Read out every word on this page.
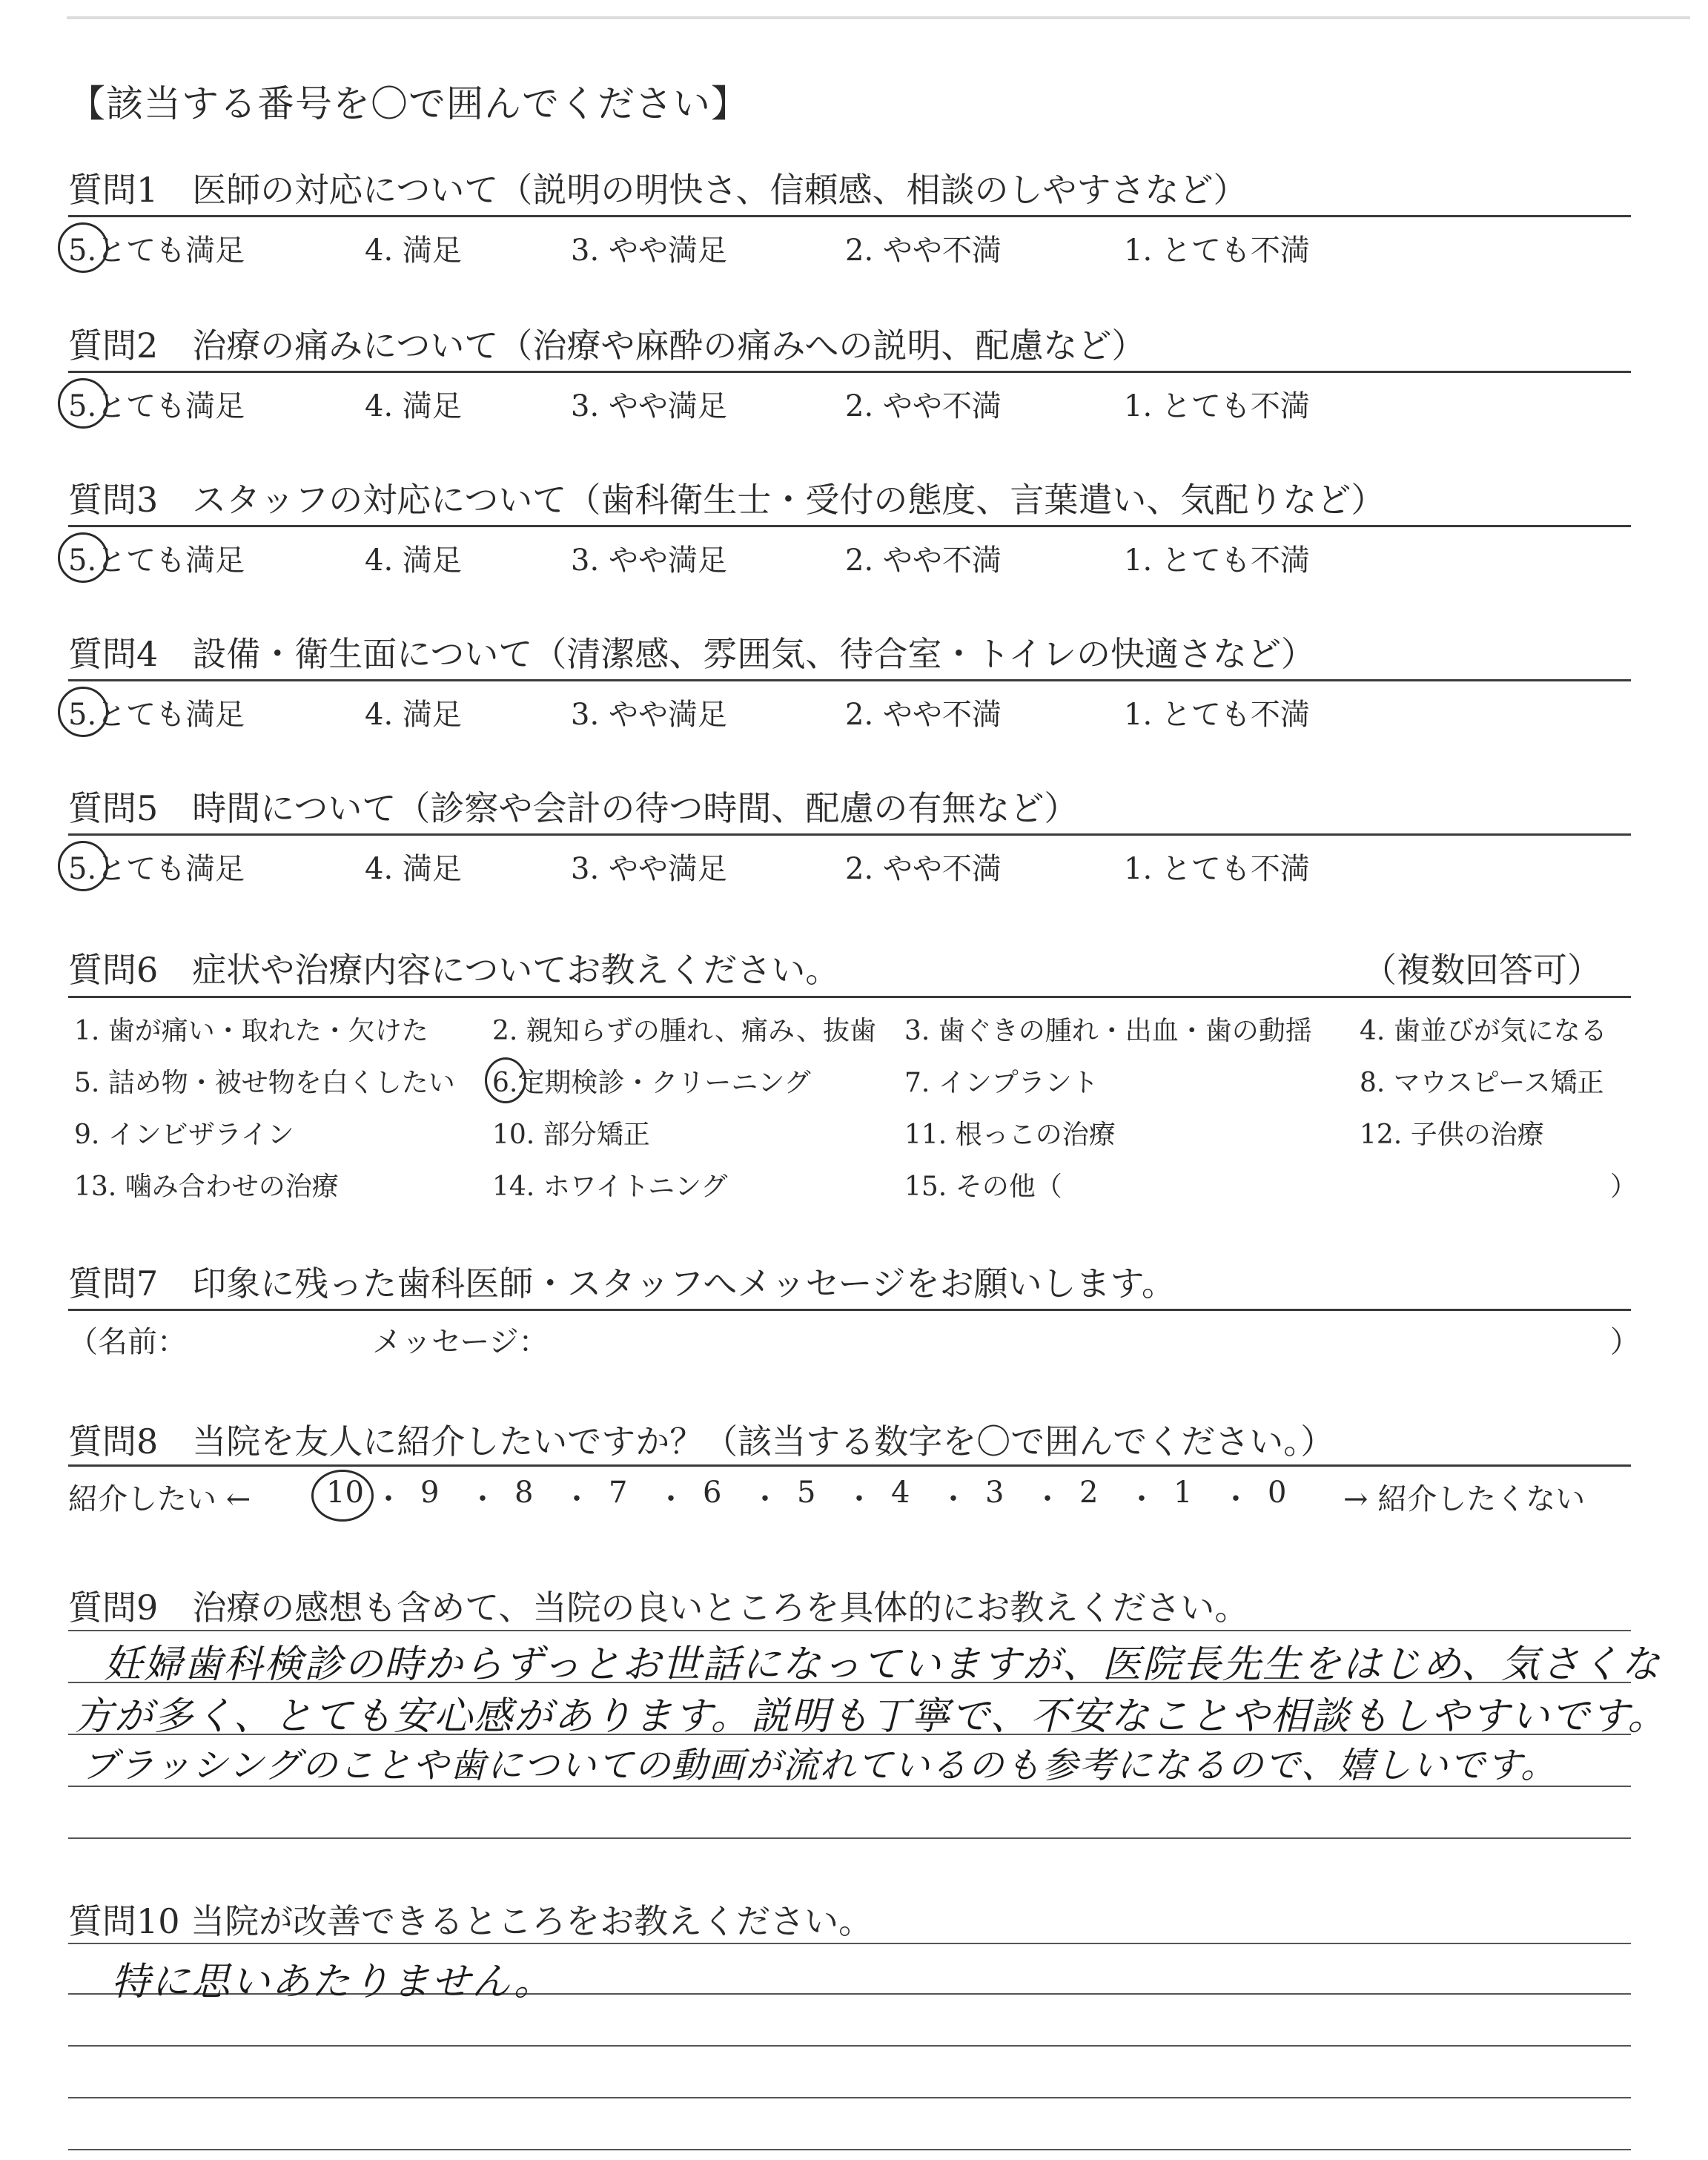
【該当する番号を〇で囲んでください】
質問1　医師の対応について（説明の明快さ、信頼感、相談のしやすさなど）
5.とても満足	4. 満足	3. やや満足	2. やや不満	1. とても不満
質問2　治療の痛みについて（治療や麻酔の痛みへの説明、配慮など）
5.とても満足	4. 満足	3. やや満足	2. やや不満	1. とても不満
質問3　スタッフの対応について（歯科衛生士・受付の態度、言葉遣い、気配りなど）
5.とても満足	4. 満足	3. やや満足	2. やや不満	1. とても不満
質問4　設備・衛生面について（清潔感、雰囲気、待合室・トイレの快適さなど）
5.とても満足	4. 満足	3. やや満足	2. やや不満	1. とても不満
質問5　時間について（診察や会計の待つ時間、配慮の有無など）
5.とても満足	4. 満足	3. やや満足	2. やや不満	1. とても不満
質問6　症状や治療内容についてお教えください。	（複数回答可）
1. 歯が痛い・取れた・欠けた 2. 親知らずの腫れ、痛み、抜歯 3. 歯ぐきの腫れ・出血・歯の動揺 4. 歯並びが気になる
5. 詰め物・被せ物を白くしたい 6.定期検診・クリーニング	7. インプラント	8. マウスピース矯正
9. インビザライン	10. 部分矯正	11. 根っこの治療	12. 子供の治療
13. 噛み合わせの治療	14. ホワイトニング	15. その他（	）
質問7　印象に残った歯科医師・スタッフへメッセージをお願いします。
（名前：	メッセージ：	）
質問8　当院を友人に紹介したいですか？（該当する数字を〇で囲んでください。）
紹介したい ←	10 ・ 9 ・ 8 ・ 7 ・ 6 ・ 5 ・ 4 ・ 3 ・ 2 ・ 1 ・ 0 → 紹介したくない
質問9　治療の感想も含めて、当院の良いところを具体的にお教えください。
妊婦歯科検診の時からずっとお世話になっていますが、医院長先生をはじめ、気さくな
方が多く、とても安心感があります。説明も丁寧で、不安なことや相談もしやすいです。
ブラッシングのことや歯についての動画が流れているのも参考になるので、嬉しいです。
質問10 当院が改善できるところをお教えください。
特に思いあたりません。
